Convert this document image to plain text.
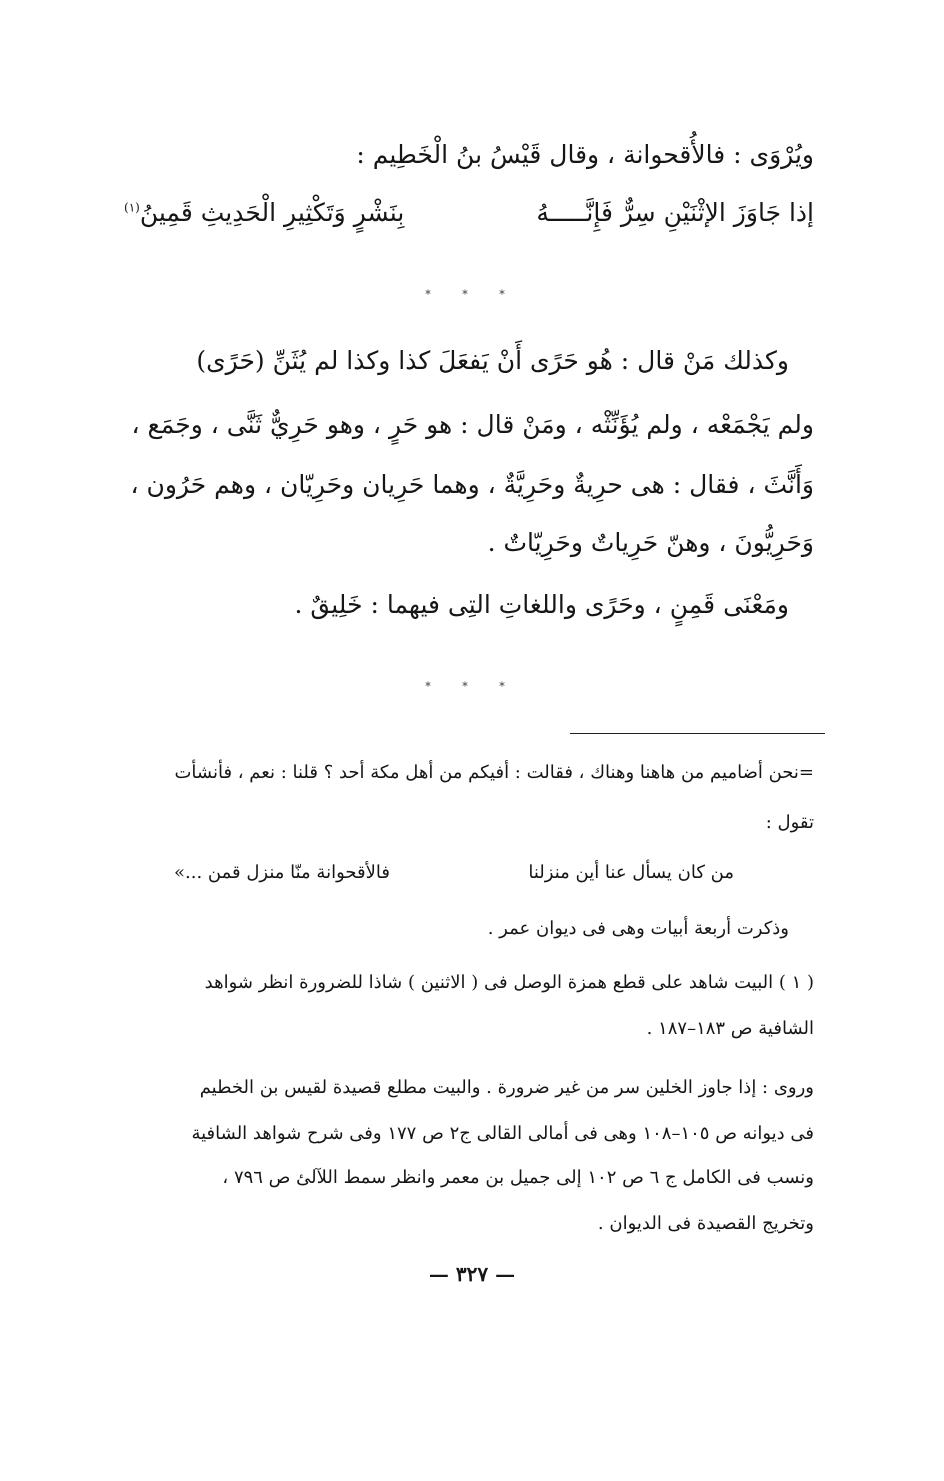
ويُرْوَى : فالأُقحوانة ، وقال قَيْسُ بنُ الْخَطِيم :
إذا جَاوَزَ الإثْنَيْنِ سِرٌّ فَإِنَّـــــهُ
بِنَشْرٍ وَتَكْثِيرِ الْحَدِيثِ قَمِينُ$^{(١)}$
* * *
وكذلك مَنْ قال : هُو حَرًى أَنْ يَفعَلَ كذا وكذا لم يُثَنِّ (حَرًى)
ولم يَجْمَعْه ، ولم يُؤَنِّثْه ، ومَنْ قال : هو حَرٍ ، وهو حَرِيٌّ ثَنَّى ، وجَمَع ،
وَأَنَّثَ ، فقال : هى حرِيةٌ وحَرِيَّةٌ ، وهما حَرِيان وحَرِيّان ، وهم حَرُون ،
وَحَرِيُّونَ ، وهنّ حَرِياتٌ وحَرِيّاتٌ .
ومَعْنَى قَمِنٍ ، وحَرًى واللغاتِ التِى فيهما : خَلِيقٌ .
* * *
=نحن أضاميم من هاهنا وهناك ، فقالت : أفيكم من أهل مكة أحد ؟ قلنا : نعم ، فأنشأت
تقول :
من كان يسأل عنا أين منزلنا
فالأقحوانة منّا منزل قمن ...»
وذكرت أربعة أبيات وهى فى ديوان عمر .
( ١ ) البيت شاهد على قطع همزة الوصل فى ( الاثنين ) شاذا للضرورة انظر شواهد
الشافية ص ١٨٣–١٨٧ .
وروى : إذا جاوز الخلين سر من غير ضرورة . والبيت مطلع قصيدة لقيس بن الخطيم
فى ديوانه ص ١٠٥–١٠٨ وهى فى أمالى القالى ج٢ ص ١٧٧ وفى شرح شواهد الشافية
ونسب فى الكامل ج ٦ ص ١٠٢ إلى جميل بن معمر وانظر سمط اللآلئ ص ٧٩٦ ،
وتخريج القصيدة فى الديوان .
— ٣٢٧ —
